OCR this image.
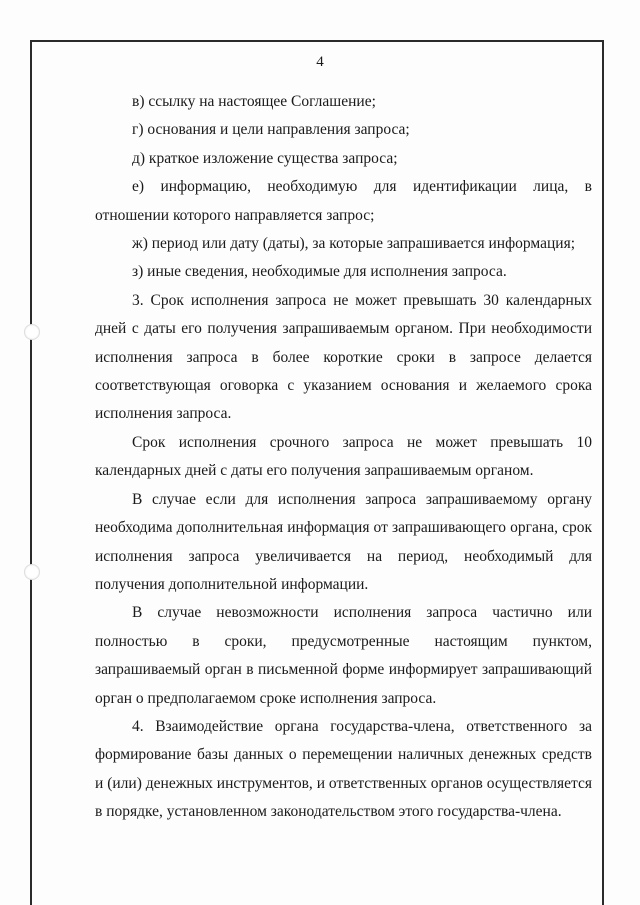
4

в) ссылку на настоящее Соглашение;

г) основания и цели направления запроса;

д) краткое изложение существа запроса;

е) информацию, необходимую для идентификации лица, в отношении которого направляется запрос;

ж) период или дату (даты), за которые запрашивается информация;

з) иные сведения, необходимые для исполнения запроса.

3. Срок исполнения запроса не может превышать 30 календарных дней с даты его получения запрашиваемым органом. При необходимости исполнения запроса в более короткие сроки в запросе делается соответствующая оговорка с указанием основания и желаемого срока исполнения запроса.

Срок исполнения срочного запроса не может превышать 10 календарных дней с даты его получения запрашиваемым органом.

В случае если для исполнения запроса запрашиваемому органу необходима дополнительная информация от запрашивающего органа, срок исполнения запроса увеличивается на период, необходимый для получения дополнительной информации.

В случае невозможности исполнения запроса частично или полностью в сроки, предусмотренные настоящим пунктом, запрашиваемый орган в письменной форме информирует запрашивающий орган о предполагаемом сроке исполнения запроса.

4. Взаимодействие органа государства-члена, ответственного за формирование базы данных о перемещении наличных денежных средств и (или) денежных инструментов, и ответственных органов осуществляется в порядке, установленном законодательством этого государства-члена.
